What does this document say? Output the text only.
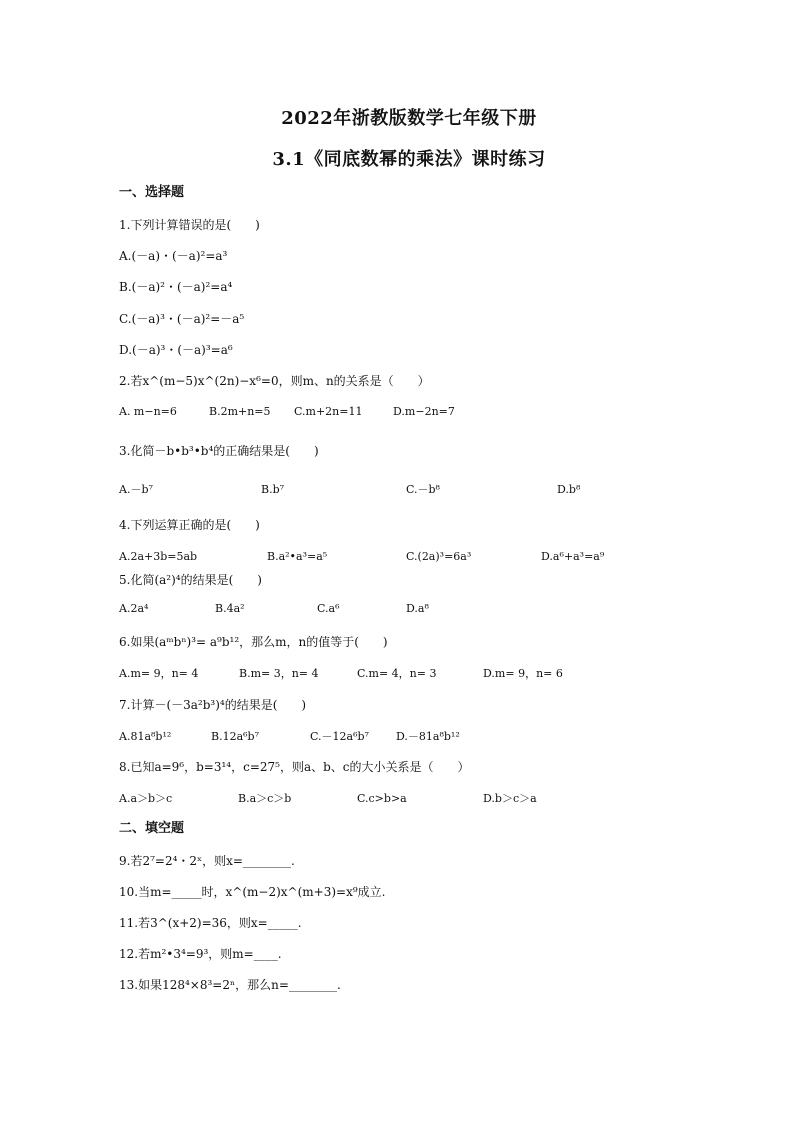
2022年浙教版数学七年级下册
3.1《同底数幂的乘法》课时练习
一、选择题
1.下列计算错误的是(　　)
A.(－a)・(－a)²=a³
B.(－a)²・(－a)²=a⁴
C.(－a)³・(－a)²=－a⁵
D.(－a)³・(－a)³=a⁶
2.若x^(m−5)x^(2n)−x⁶=0，则m、n的关系是（　　）
A. m−n=6	B.2m+n=5 C.m+2n=11	D.m−2n=7
3.化简－b•b³•b⁴的正确结果是(　　)
A.－b⁷	B.b⁷	C.－b⁸	D.b⁸
4.下列运算正确的是(　　)
A.2a+3b=5ab	B.a²•a³=a⁵	C.(2a)³=6a³	D.a⁶+a³=a⁹
5.化简(a²)⁴的结果是(　　)
A.2a⁴	B.4a²	C.a⁶	D.a⁸
6.如果(aᵐbⁿ)³= a⁹b¹²，那么m，n的值等于(　　)
A.m= 9，n= 4	B.m= 3，n= 4	C.m= 4，n= 3	D.m= 9，n= 6
7.计算－(－3a²b³)⁴的结果是(　　)
A.81a⁸b¹²	B.12a⁶b⁷	C.－12a⁶b⁷ D.－81a⁸b¹²
8.已知a=9⁶，b=3¹⁴，c=27⁵，则a、b、c的大小关系是（　　）
A.a＞b＞c	B.a＞c＞b	C.c>b>a	D.b＞c＞a
二、填空题
9.若2⁷=2⁴・2ˣ，则x=________.
10.当m=_____时，x^(m−2)x^(m+3)=x⁹成立.
11.若3^(x+2)=36，则x=_____.
12.若m²•3⁴=9³，则m=____.
13.如果128⁴×8³=2ⁿ，那么n=________.
